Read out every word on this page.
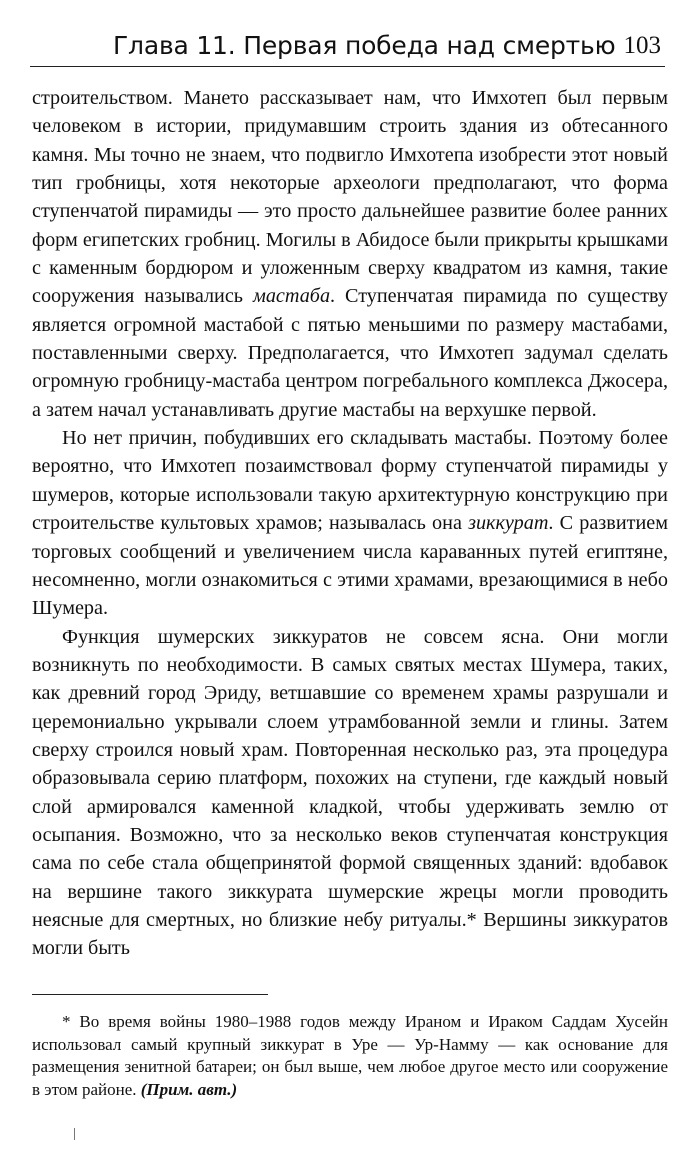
Глава 11. Первая победа над смертью 103

строительством. Мането рассказывает нам, что Имхотеп был первым человеком в истории, придумавшим строить здания из обтесанного камня. Мы точно не знаем, что подвигло Имхотепа изобрести этот новый тип гробницы, хотя некоторые археологи предполагают, что форма ступенчатой пирамиды — это просто дальнейшее развитие более ранних форм египетских гробниц. Могилы в Абидосе были прикрыты крышками с каменным бордюром и уложенным сверху квадратом из камня, такие сооружения назывались мастаба. Ступенчатая пирамида по существу является огромной мастабой с пятью меньшими по размеру мастабами, поставленными сверху. Предполагается, что Имхотеп задумал сделать огромную гробницу-мастаба центром погребального комплекса Джосера, а затем начал устанавливать другие мастабы на верхушке первой.

Но нет причин, побудивших его складывать мастабы. Поэтому более вероятно, что Имхотеп позаимствовал форму ступенчатой пирамиды у шумеров, которые использовали такую архитектурную конструкцию при строительстве культовых храмов; называлась она зиккурат. С развитием торговых сообщений и увеличением числа караванных путей египтяне, несомненно, могли ознакомиться с этими храмами, врезающимися в небо Шумера.

Функция шумерских зиккуратов не совсем ясна. Они могли возникнуть по необходимости. В самых святых местах Шумера, таких, как древний город Эриду, ветшавшие со временем храмы разрушали и церемониально укрывали слоем утрамбованной земли и глины. Затем сверху строился новый храм. Повторенная несколько раз, эта процедура образовывала серию платформ, похожих на ступени, где каждый новый слой армировался каменной кладкой, чтобы удерживать землю от осыпания. Возможно, что за несколько веков ступенчатая конструкция сама по себе стала общепринятой формой священных зданий: вдобавок на вершине такого зиккурата шумерские жрецы могли проводить неясные для смертных, но близкие небу ритуалы.* Вершины зиккуратов могли быть

* Во время войны 1980–1988 годов между Ираном и Ираком Саддам Хусейн использовал самый крупный зиккурат в Уре — Ур-Намму — как основание для размещения зенитной батареи; он был выше, чем любое другое место или сооружение в этом районе. (Прим. авт.)
